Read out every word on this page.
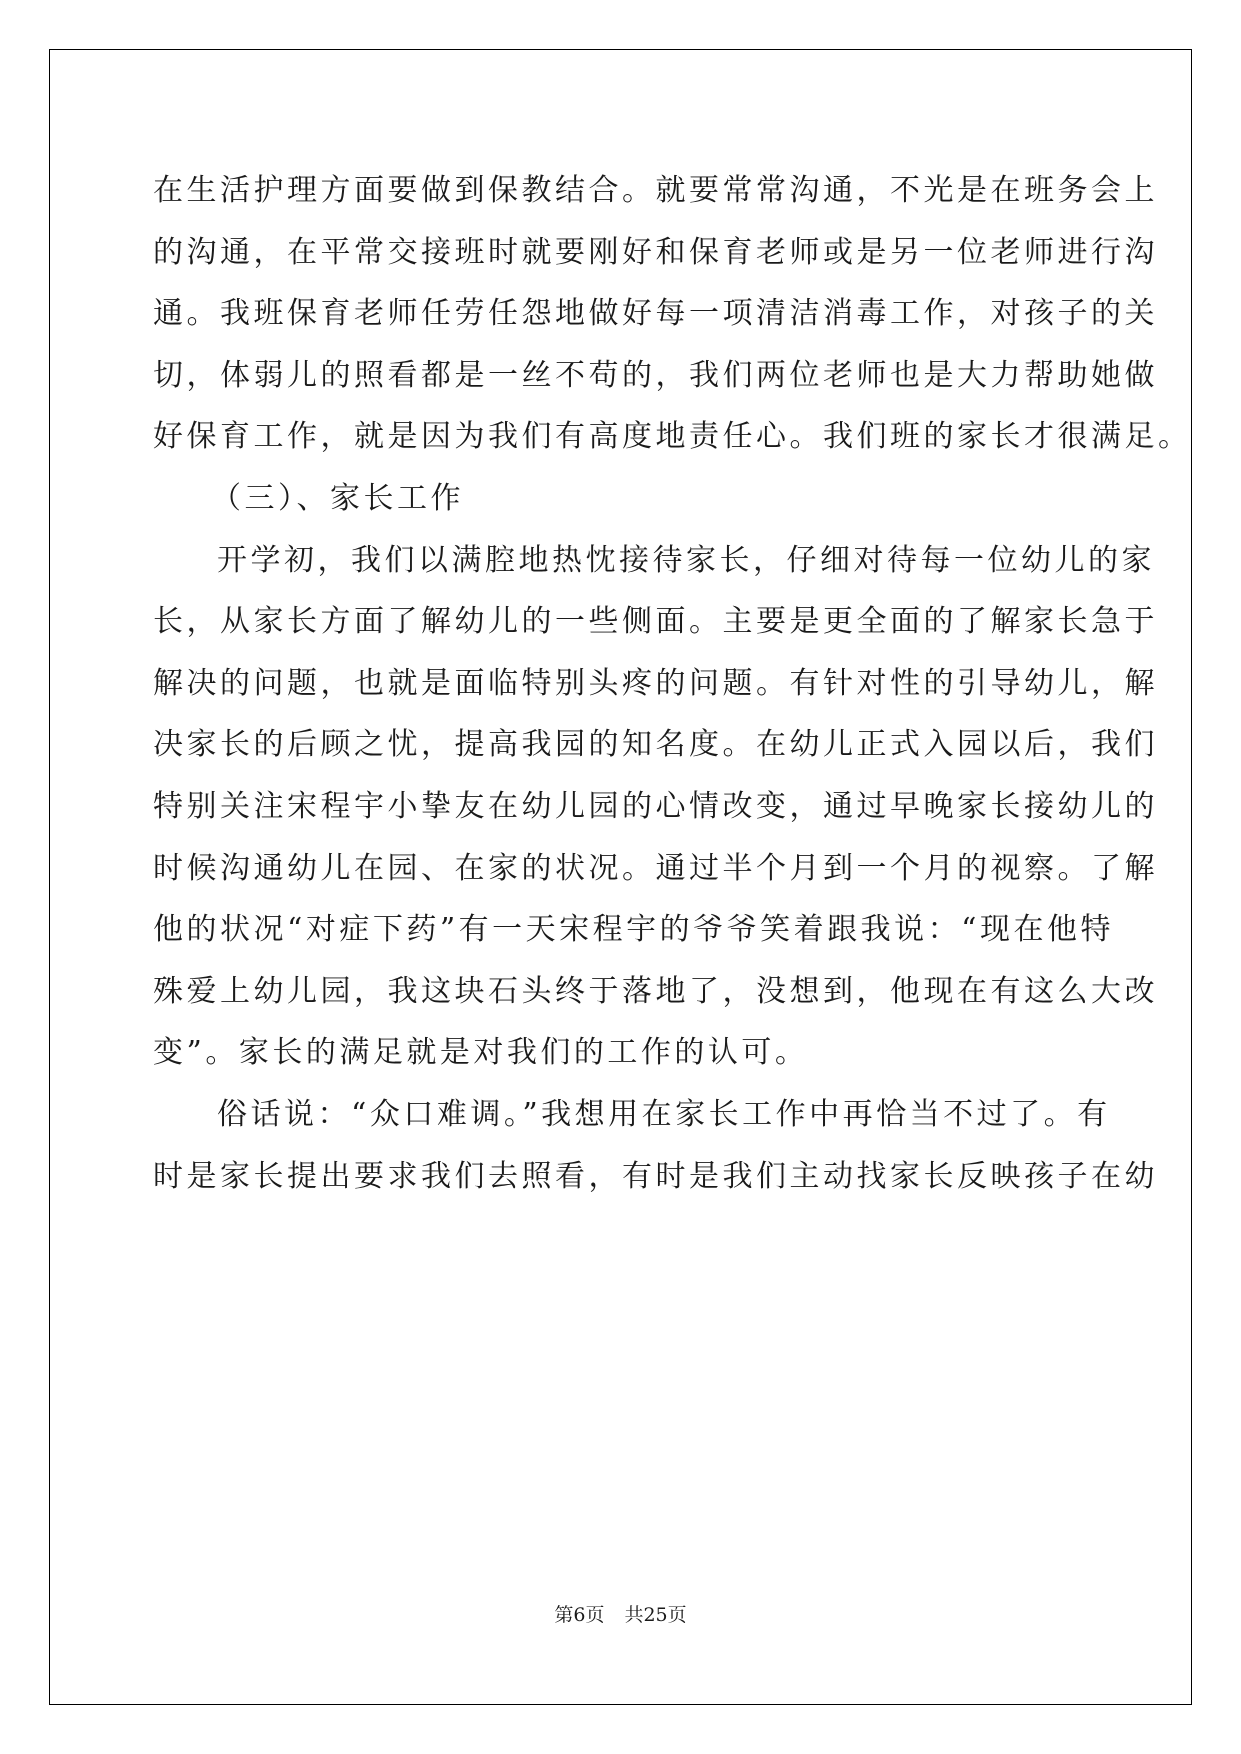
在生活护理方面要做到保教结合。就要常常沟通，不光是在班务会上
的沟通，在平常交接班时就要刚好和保育老师或是另一位老师进行沟
通。我班保育老师任劳任怨地做好每一项清洁消毒工作，对孩子的关
切，体弱儿的照看都是一丝不苟的，我们两位老师也是大力帮助她做
好保育工作，就是因为我们有高度地责任心。我们班的家长才很满足。
（三）、家长工作
开学初，我们以满腔地热忱接待家长，仔细对待每一位幼儿的家
长，从家长方面了解幼儿的一些侧面。主要是更全面的了解家长急于
解决的问题，也就是面临特别头疼的问题。有针对性的引导幼儿，解
决家长的后顾之忧，提高我园的知名度。在幼儿正式入园以后，我们
特别关注宋程宇小挚友在幼儿园的心情改变，通过早晚家长接幼儿的
时候沟通幼儿在园、在家的状况。通过半个月到一个月的视察。了解
他的状况“对症下药”有一天宋程宇的爷爷笑着跟我说：“现在他特
殊爱上幼儿园，我这块石头终于落地了，没想到，他现在有这么大改
变”。家长的满足就是对我们的工作的认可。
俗话说：“众口难调。”我想用在家长工作中再恰当不过了。有
时是家长提出要求我们去照看，有时是我们主动找家长反映孩子在幼
第6页 共25页
